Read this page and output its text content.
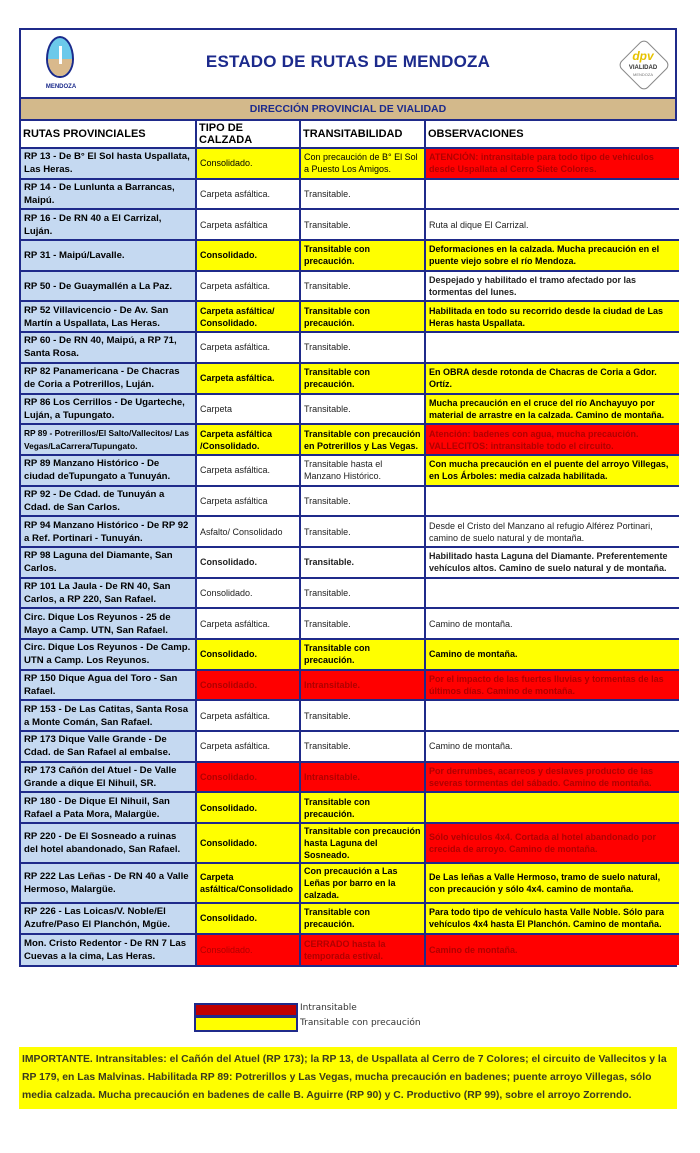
MENDOZA
ESTADO DE RUTAS DE MENDOZA	dpv
VIALIDAD
MENDOZA
DIRECCIÓN PROVINCIAL DE VIALIDAD
RUTAS PROVINCIALES	TIPO DE CALZADA	TRANSITABILIDAD	OBSERVACIONES
RP 13 - De B° El Sol hasta Uspallata, Las Heras.	Consolidado.	Con precaución de B° El Sol a Puesto Los Amigos.	ATENCIÓN: intransitable para todo tipo de vehículos desde Uspallata al Cerro Siete Colores.
RP 14 - De Lunlunta a Barrancas, Maipú.	Carpeta asfáltica.	Transitable.	
RP 16 - De RN 40 a El Carrizal, Luján.	Carpeta asfáltica	Transitable.	Ruta al dique El Carrizal.
RP 31 - Maipú/Lavalle.	Consolidado.	Transitable con precaución.	Deformaciones en la calzada. Mucha precaución en el puente viejo sobre el río Mendoza.
RP 50 - De Guaymallén a La Paz.	Carpeta asfáltica.	Transitable.	Despejado y habilitado el tramo afectado por las tormentas del lunes.
RP 52 Villavicencio - De Av. San Martín a Uspallata, Las Heras.	Carpeta asfáltica/ Consolidado.	Transitable con precaución.	Habilitada en todo su recorrido desde la ciudad de Las Heras hasta Uspallata.
RP 60 - De RN 40, Maipú, a RP 71, Santa Rosa.	Carpeta asfáltica.	Transitable.	
RP 82 Panamericana - De Chacras de Coria a Potrerillos, Luján.	Carpeta asfáltica.	Transitable con precaución.	En OBRA desde rotonda de Chacras de Coria a Gdor. Ortíz.
RP 86 Los Cerrillos - De Ugarteche, Luján, a Tupungato.	Carpeta	Transitable.	Mucha precaución en el cruce del río Anchayuyo por material de arrastre en la calzada. Camino de montaña.
RP 89 - Potrerillos/El Salto/Vallecitos/ Las Vegas/LaCarrera/Tupungato.	Carpeta asfáltica /Consolidado.	Transitable con precaución en Potrerillos y Las Vegas.	Atención: badenes con agua, mucha precaución. VALLECITOS: intransitable todo el circuito.
RP 89 Manzano Histórico - De ciudad deTupungato a Tunuyán.	Carpeta asfáltica.	Transitable hasta el Manzano Histórico.	Con mucha precaución en el puente del arroyo Villegas, en Los Árboles: media calzada habilitada.
RP 92 - De Cdad. de Tunuyán a Cdad. de San Carlos.	Carpeta asfáltica	Transitable.	
RP 94 Manzano Histórico - De RP 92 a Ref. Portinari - Tunuyán.	Asfalto/ Consolidado	Transitable.	Desde el Cristo del Manzano al refugio Alférez Portinari, camino de suelo natural y de montaña.
RP 98 Laguna del Diamante, San Carlos.	Consolidado.	Transitable.	Habilitado hasta Laguna del Diamante. Preferentemente vehículos altos. Camino de suelo natural y de montaña.
RP 101 La Jaula - De RN 40, San Carlos, a RP 220, San Rafael.	Consolidado.	Transitable.	
Circ. Dique Los Reyunos - 25 de Mayo a Camp. UTN, San Rafael.	Carpeta asfáltica.	Transitable.	Camino de montaña.
Circ. Dique Los Reyunos - De Camp. UTN a Camp. Los Reyunos.	Consolidado.	Transitable con precaución.	Camino de montaña.
RP 150 Dique Agua del Toro - San Rafael.	Consolidado.	Intransitable.	Por el impacto de las fuertes lluvias y tormentas de las últimos días. Camino de montaña.
RP 153 - De Las Catitas, Santa Rosa a Monte Comán, San Rafael.	Carpeta asfáltica.	Transitable.	
RP 173 Dique Valle Grande - De Cdad. de San Rafael al embalse.	Carpeta asfáltica.	Transitable.	Camino de montaña.
RP 173 Cañón del Atuel - De Valle Grande a dique El Nihuil, SR.	Consolidado.	Intransitable.	Por derrumbes, acarreos y deslaves producto de las severas tormentas del sábado. Camino de montaña.
RP 180 - De Dique El Nihuil, San Rafael a Pata Mora, Malargüe.	Consolidado.	Transitable con precaución.	
RP 220 - De El Sosneado a ruinas del hotel abandonado, San Rafael.	Consolidado.	Transitable con precaución hasta Laguna del Sosneado.	Sólo vehículos 4x4. Cortada al hotel abandonado por crecida de arroyo. Camino de montaña.
RP 222 Las Leñas - De RN 40 a Valle Hermoso, Malargüe.	Carpeta asfáltica/Consolidado	Con precaución a Las Leñas por barro en la calzada.	De Las leñas a Valle Hermoso, tramo de suelo natural, con precaución y sólo 4x4. camino de montaña.
RP 226 - Las Loicas/V. Noble/El Azufre/Paso El Planchón, Mgüe.	Consolidado.	Transitable con precaución.	Para todo tipo de vehículo hasta Valle Noble. Sólo para vehículos 4x4 hasta El Planchón. Camino de montaña.
Mon. Cristo Redentor - De RN 7 Las Cuevas a la cima, Las Heras.	Consolidado.	CERRADO hasta la temporada estival.	Camino de montaña.
Intransitable
Transitable con precaución
IMPORTANTE. Intransitables: el Cañón del Atuel (RP 173); la RP 13, de Uspallata al Cerro de 7 Colores; el circuito de Vallecitos y la RP 179, en Las Malvinas. Habilitada RP 89: Potrerillos y Las Vegas, mucha precaución en badenes; puente arroyo Villegas, sólo media calzada. Mucha precaución en badenes de calle B. Aguirre (RP 90) y C. Productivo (RP 99), sobre el arroyo Zorrendo.
